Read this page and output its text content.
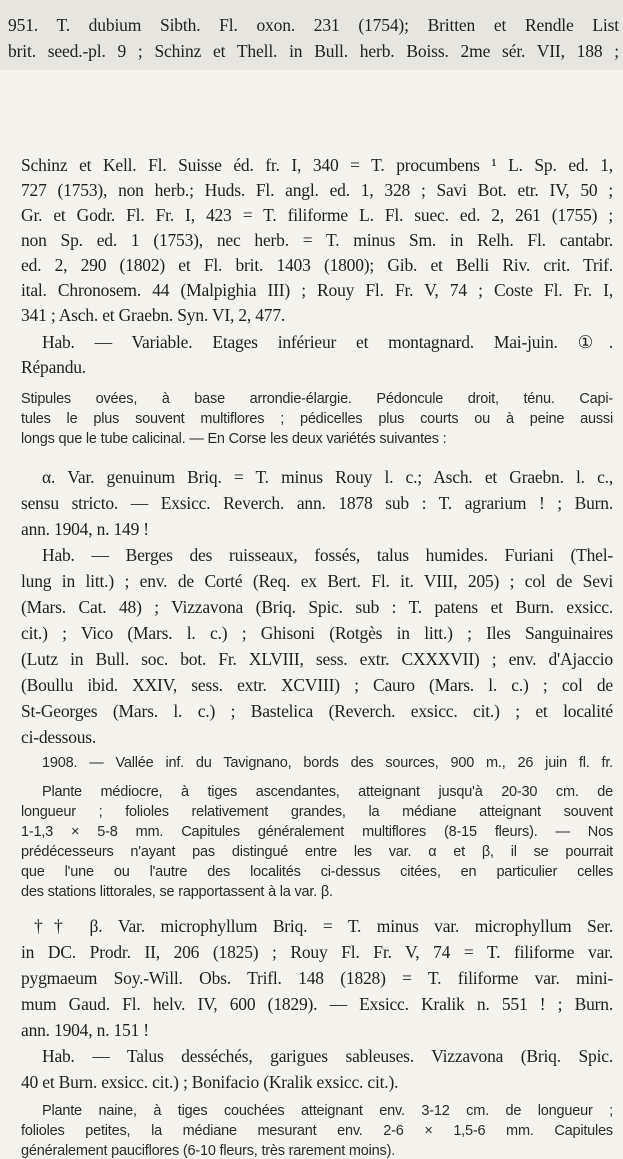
951. T. dubium Sibth. Fl. oxon. 231 (1754); Britten et Rendle List
brit. seed.-pl. 9 ; Schinz et Thell. in Bull. herb. Boiss. 2me sér. VII, 188 ;
Schinz et Kell. Fl. Suisse éd. fr. I, 340 = T. procumbens ¹ L. Sp. ed. 1,
727 (1753), non herb.; Huds. Fl. angl. ed. 1, 328 ; Savi Bot. etr. IV, 50 ;
Gr. et Godr. Fl. Fr. I, 423 = T. filiforme L. Fl. suec. ed. 2, 261 (1755) ;
non Sp. ed. 1 (1753), nec herb. = T. minus Sm. in Relh. Fl. cantabr.
ed. 2, 290 (1802) et Fl. brit. 1403 (1800); Gib. et Belli Riv. crit. Trif.
ital. Chronosem. 44 (Malpighia III) ; Rouy Fl. Fr. V, 74 ; Coste Fl. Fr. I,
341 ; Asch. et Graebn. Syn. VI, 2, 477.
Hab. — Variable. Etages inférieur et montagnard. Mai-juin. ①.
Répandu.
Stipules ovées, à base arrondie-élargie. Pédoncule droit, ténu. Capi-
tules le plus souvent multiflores ; pédicelles plus courts ou à peine aussi
longs que le tube calicinal. — En Corse les deux variétés suivantes :
α. Var. genuinum Briq. = T. minus Rouy l. c.; Asch. et Graebn. l. c.,
sensu stricto. — Exsicc. Reverch. ann. 1878 sub : T. agrarium ! ; Burn.
ann. 1904, n. 149 !
Hab. — Berges des ruisseaux, fossés, talus humides. Furiani (Thel-
lung in litt.) ; env. de Corté (Req. ex Bert. Fl. it. VIII, 205) ; col de Sevi
(Mars. Cat. 48) ; Vizzavona (Briq. Spic. sub : T. patens et Burn. exsicc.
cit.) ; Vico (Mars. l. c.) ; Ghisoni (Rotgès in litt.) ; Iles Sanguinaires
(Lutz in Bull. soc. bot. Fr. XLVIII, sess. extr. CXXXVII) ; env. d'Ajaccio
(Boullu ibid. XXIV, sess. extr. XCVIII) ; Cauro (Mars. l. c.) ; col de
St-Georges (Mars. l. c.) ; Bastelica (Reverch. exsicc. cit.) ; et localité
ci-dessous.
1908. — Vallée inf. du Tavignano, bords des sources, 900 m., 26 juin fl. fr.
Plante médiocre, à tiges ascendantes, atteignant jusqu'à 20-30 cm. de
longueur ; folioles relativement grandes, la médiane atteignant souvent
1-1,3 × 5-8 mm. Capitules généralement multiflores (8-15 fleurs). — Nos
prédécesseurs n'ayant pas distingué entre les var. α et β, il se pourrait
que l'une ou l'autre des localités ci-dessus citées, en particulier celles
des stations littorales, se rapportassent à la var. β.
†† β. Var. microphyllum Briq. = T. minus var. microphyllum Ser.
in DC. Prodr. II, 206 (1825) ; Rouy Fl. Fr. V, 74 = T. filiforme var.
pygmaeum Soy.-Will. Obs. Trifl. 148 (1828) = T. filiforme var. mini-
mum Gaud. Fl. helv. IV, 600 (1829). — Exsicc. Kralik n. 551 ! ; Burn.
ann. 1904, n. 151 !
Hab. — Talus desséchés, garigues sableuses. Vizzavona (Briq. Spic.
40 et Burn. exsicc. cit.) ; Bonifacio (Kralik exsicc. cit.).
Plante naine, à tiges couchées atteignant env. 3-12 cm. de longueur ;
folioles petites, la médiane mesurant env. 2-6 × 1,5-6 mm. Capitules
généralement pauciflores (6-10 fleurs, très rarement moins).
